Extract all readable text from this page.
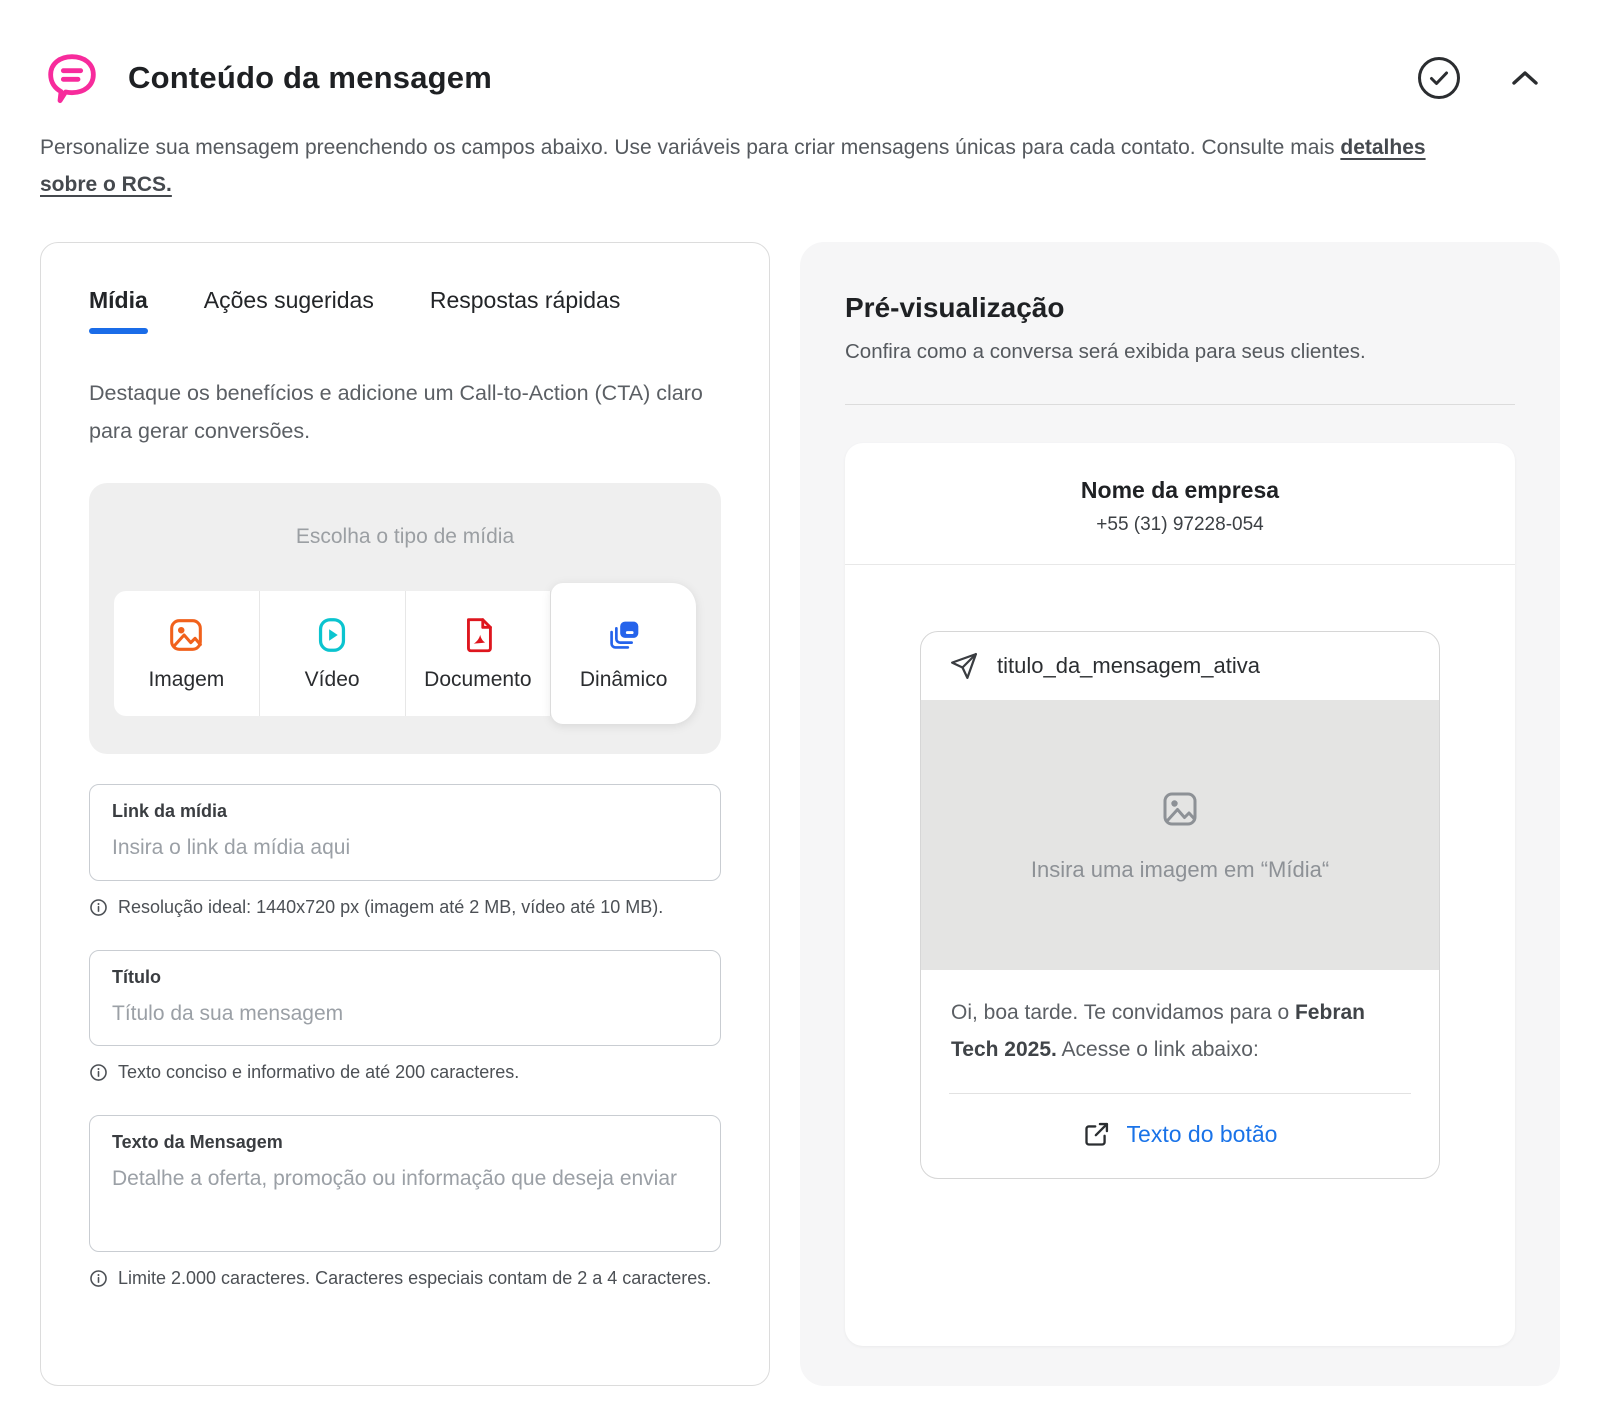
Conteúdo da mensagem

Personalize sua mensagem preenchendo os campos abaixo. Use variáveis para criar mensagens únicas para cada contato. Consulte mais detalhes sobre o RCS.

Mídia Ações sugeridas Respostas rápidas

Destaque os benefícios e adicione um Call-to-Action (CTA) claro para gerar conversões.

Escolha o tipo de mídia
Imagem	Vídeo	Documento Dinâmico
Link da mídia
Insira o link da mídia aqui
Resolução ideal: 1440x720 px (imagem até 2 MB, vídeo até 10 MB).
Título
Título da sua mensagem
Texto conciso e informativo de até 200 caracteres.
Texto da Mensagem
Detalhe a oferta, promoção ou informação que deseja enviar
Limite 2.000 caracteres. Caracteres especiais contam de 2 a 4 caracteres.
Pré-visualização

Confira como a conversa será exibida para seus clientes.

Nome da empresa
+55 (31) 97228-054
titulo_da_mensagem_ativa
Insira uma imagem em “Mídia“

Oi, boa tarde. Te convidamos para o Febran Tech 2025. Acesse o link abaixo:

Texto do botão
